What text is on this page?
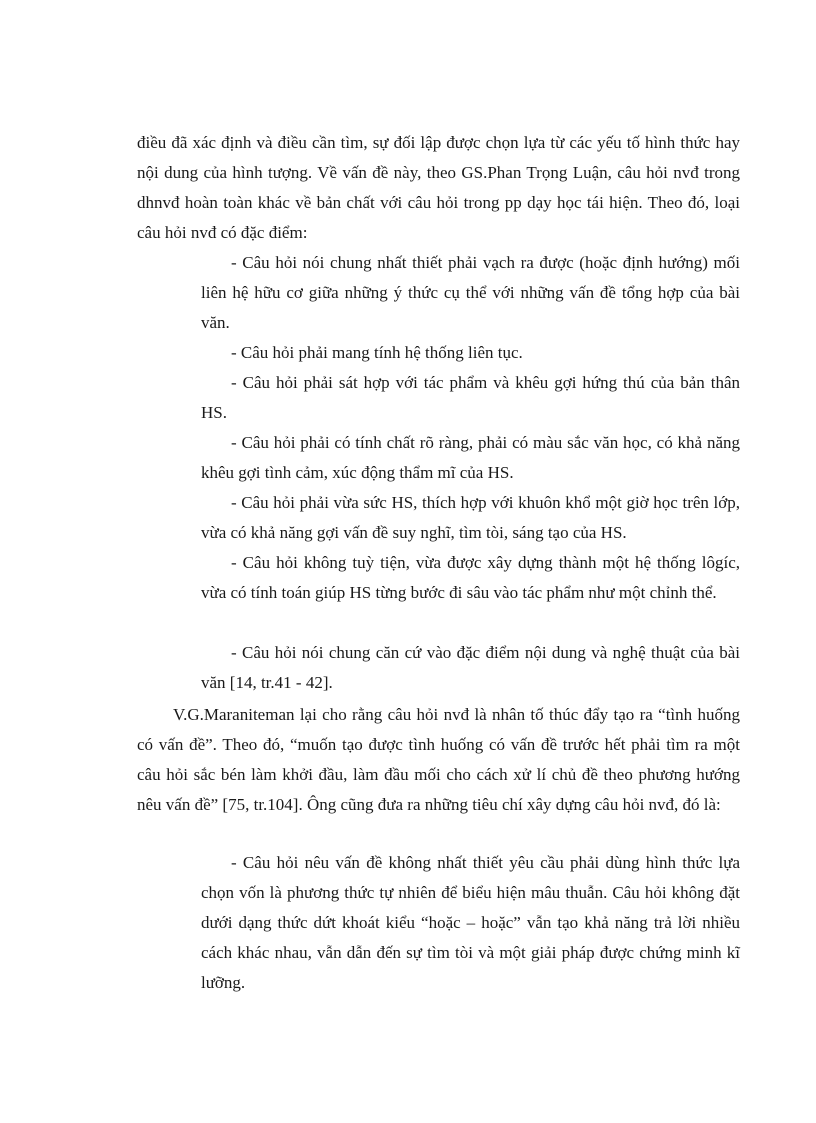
điều đã xác định và điều cần tìm, sự đối lập được chọn lựa từ các yếu tố hình thức hay nội dung của hình tượng. Về vấn đề này, theo GS.Phan Trọng Luận, câu hỏi nvđ trong dhnvđ hoàn toàn khác về bản chất với câu hỏi trong pp dạy học tái hiện. Theo đó, loại câu hỏi nvđ có đặc điểm:

- Câu hỏi nói chung nhất thiết phải vạch ra được (hoặc định hướng) mối liên hệ hữu cơ giữa những ý thức cụ thể với những vấn đề tổng hợp của bài văn.

- Câu hỏi phải mang tính hệ thống liên tục.

- Câu hỏi phải sát hợp với tác phẩm và khêu gợi hứng thú của bản thân HS.

- Câu hỏi phải có tính chất rõ ràng, phải có màu sắc văn học, có khả năng khêu gợi tình cảm, xúc động thẩm mĩ của HS.

- Câu hỏi phải vừa sức HS, thích hợp với khuôn khổ một giờ học trên lớp, vừa có khả năng gợi vấn đề suy nghĩ, tìm tòi, sáng tạo của HS.

- Câu hỏi không tuỳ tiện, vừa được xây dựng thành một hệ thống lôgíc, vừa có tính toán giúp HS từng bước đi sâu vào tác phẩm như một chỉnh thể.

- Câu hỏi nói chung căn cứ vào đặc điểm nội dung và nghệ thuật của bài văn [14, tr.41 - 42].

V.G.Maraniteman lại cho rằng câu hỏi nvđ là nhân tố thúc đẩy tạo ra “tình huống có vấn đề”. Theo đó, “muốn tạo được tình huống có vấn đề trước hết phải tìm ra một câu hỏi sắc bén làm khởi đầu, làm đầu mối cho cách xử lí chủ đề theo phương hướng nêu vấn đề” [75, tr.104]. Ông cũng đưa ra những tiêu chí xây dựng câu hỏi nvđ, đó là:

- Câu hỏi nêu vấn đề không nhất thiết yêu cầu phải dùng hình thức lựa chọn vốn là phương thức tự nhiên để biểu hiện mâu thuẫn. Câu hỏi không đặt dưới dạng thức dứt khoát kiểu “hoặc – hoặc” vẫn tạo khả năng trả lời nhiều cách khác nhau, vẫn dẫn đến sự tìm tòi và một giải pháp được chứng minh kĩ lưỡng.
